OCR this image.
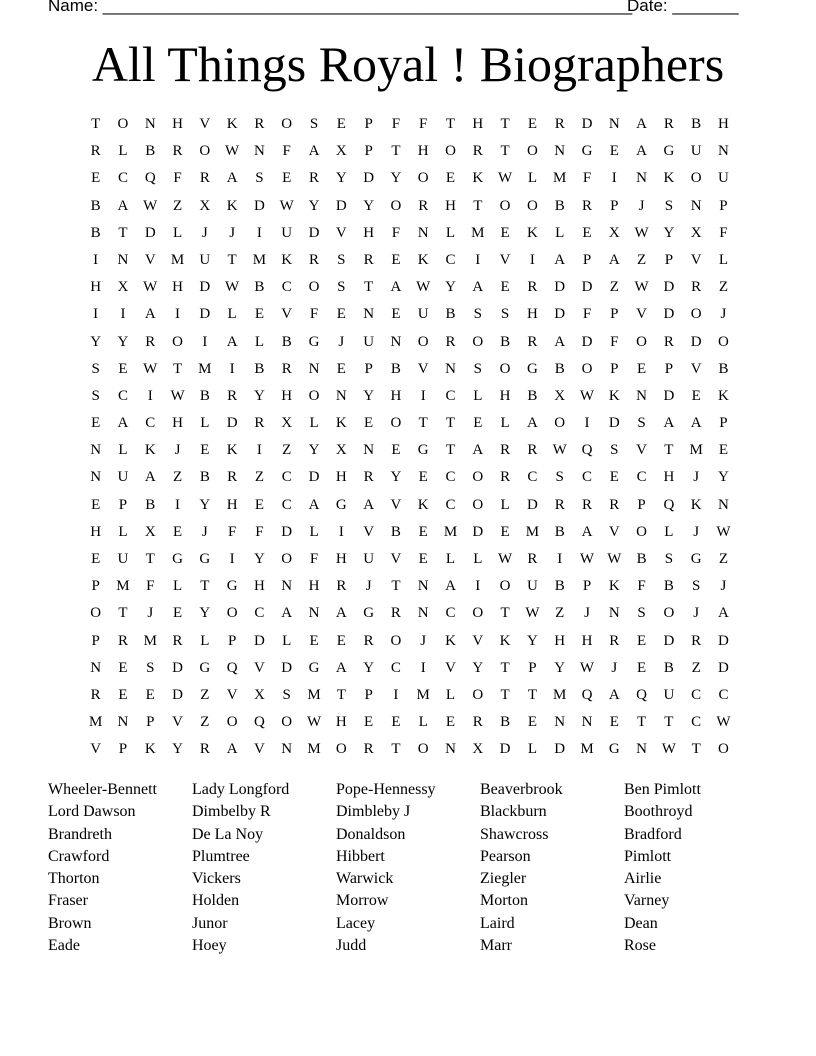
Name: ________________________________________________________
Date: _______
All Things Royal ! Biographers
T	O	N	H	V	K	R	O	S	E	P	F	F	T	H	T	E	R	D	N	A	R	B	H
R	L	B	R	O W N	F	A	X	P	T	H	O	R	T	O	N	G	E	A	G	U	N
E	C	Q	F	R	A	S	E	R	Y	D	Y	O	E	K W	L	M	F	I	N	K	O	U
B	A W	Z	X	K	D W Y	D	Y	O	R	H	T	O	O	B	R	P	J	S	N	P
B	T	D	L	J	J	I	U	D	V	H	F	N	L	M	E	K	L	E	X W Y	X	F
I	N	V	M	U	T	M	K	R	S	R	E	K	C	I	V	I	A	P	A	Z	P	V	L
H	X W H	D W	B	C	O	S	T	A W Y	A	E	R	D	D	Z	W D	R	Z
I	I	A	I	D	L	E	V	F	E	N	E	U	B	S	S	H	D	F	P	V	D	O	J
Y	Y	R	O	I	A	L	B	G	J	U	N	O	R	O	B	R	A	D	F	O	R	D	O
S	E	W	T	M	I	B	R	N	E	P	B	V	N	S	O	G	B	O	P	E	P	V	B
S	C	I	W	B	R	Y	H	O	N	Y	H	I	C	L	H	B	X W K	N	D	E	K
E	A	C	H	L	D	R	X	L	K	E	O	T	T	E	L	A	O	I	D	S	A	A	P
N	L	K	J	E	K	I	Z	Y	X	N	E	G	T	A	R	R	W Q	S	V	T	M	E
N	U	A	Z	B	R	Z	C	D	H	R	Y	E	C	O	R	C	S	C	E	C	H	J	Y
E	P	B	I	Y	H	E	C	A	G	A	V	K	C	O	L	D	R	R	R	P	Q	K	N
H	L	X	E	J	F	F	D	L	I	V	B	E	M	D	E	M	B	A	V	O	L	J	W
E	U	T	G	G	I	Y	O	F	H	U	V	E	L	L	W	R	I	W W	B	S	G	Z
P	M	F	L	T	G	H	N	H	R	J	T	N	A	I	O	U	B	P	K	F	B	S	J
O	T	J	E	Y	O	C	A	N	A	G	R	N	C	O	T	W	Z	J	N	S	O	J	A
P	R	M	R	L	P	D	L	E	E	R	O	J	K	V	K	Y	H	H	R	E	D	R	D
N	E	S	D	G	Q	V	D	G	A	Y	C	I	V	Y	T	P	Y W	J	E	B	Z	D
R	E	E	D	Z	V	X	S	M	T	P	I	M	L	O	T	T	M	Q	A	Q	U	C	C
M	N	P	V	Z	O	Q	O W H	E	E	L	E	R	B	E	N	N	E	T	T	C	W
V	P	K	Y	R	A	V	N	M	O	R	T	O	N	X	D	L	D	M	G	N W	T	O
Wheeler-Bennett	Lady Longford	Pope-Hennessy	Beaverbrook	Ben Pimlott
Lord Dawson	Dimbelby R	Dimbleby J	Blackburn	Boothroyd
Brandreth	De La Noy	Donaldson	Shawcross	Bradford
Crawford	Plumtree	Hibbert	Pearson	Pimlott
Thorton	Vickers	Warwick	Ziegler	Airlie
Fraser	Holden	Morrow	Morton	Varney
Brown	Junor	Lacey	Laird	Dean
Eade	Hoey	Judd	Marr	Rose
